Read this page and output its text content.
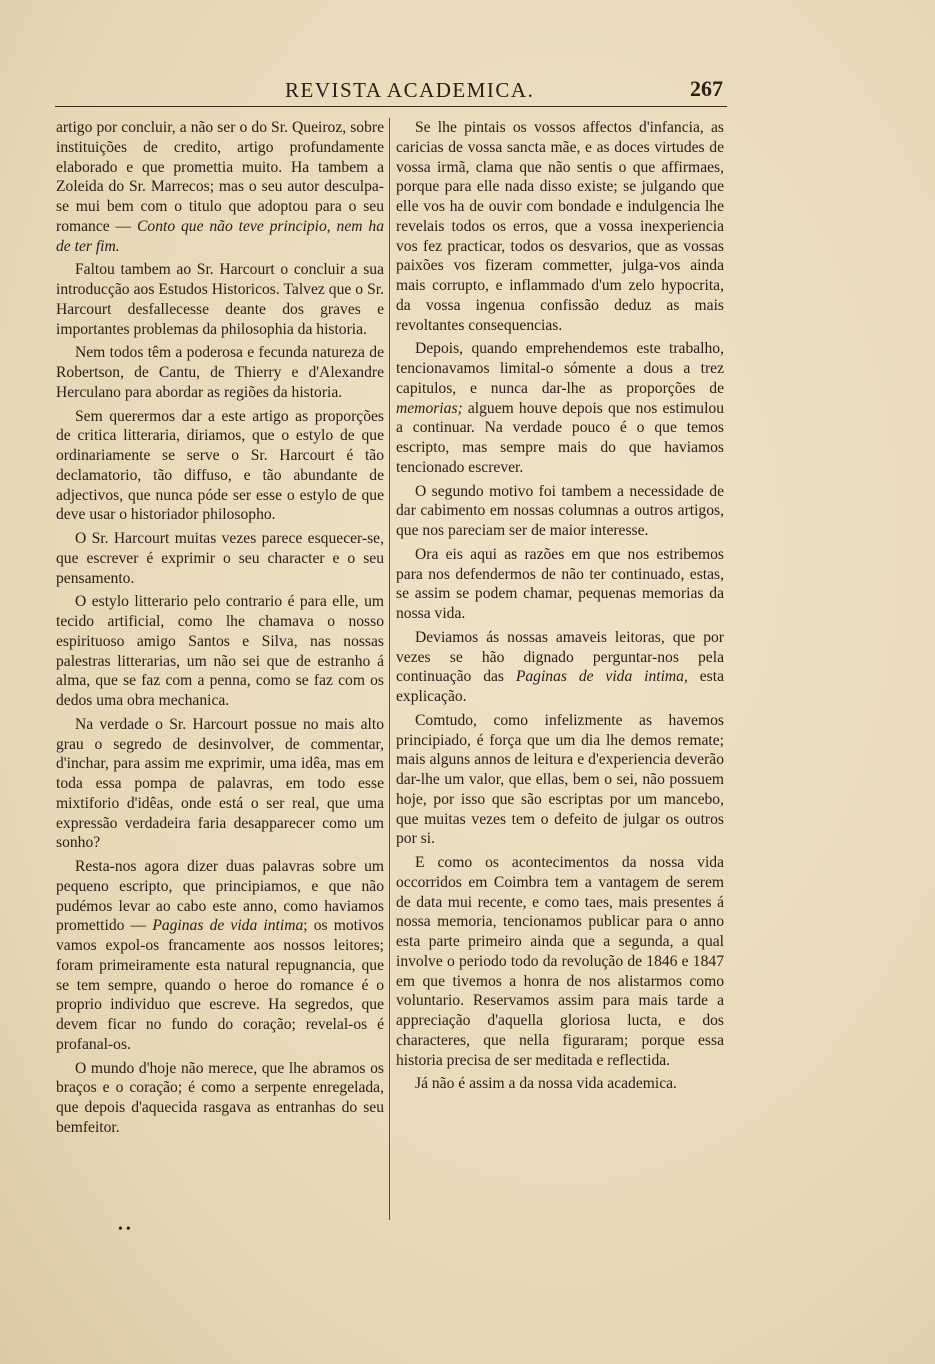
REVISTA ACADEMICA.	267

artigo por concluir, a não ser o do Sr. Queiroz, sobre instituições de credito, artigo profundamente elaborado e que promettia muito. Ha tambem a Zoleida do Sr. Marrecos; mas o seu autor desculpa-se mui bem com o titulo que adoptou para o seu romance — Conto que não teve principio, nem ha de ter fim.

Faltou tambem ao Sr. Harcourt o concluir a sua introducção aos Estudos Historicos. Talvez que o Sr. Harcourt desfallecesse deante dos graves e importantes problemas da philosophia da historia.

Nem todos têm a poderosa e fecunda natureza de Robertson, de Cantu, de Thierry e d'Alexandre Herculano para abordar as regiões da historia.

Sem querermos dar a este artigo as proporções de critica litteraria, diriamos, que o estylo de que ordinariamente se serve o Sr. Harcourt é tão declamatorio, tão diffuso, e tão abundante de adjectivos, que nunca póde ser esse o estylo de que deve usar o historiador philosopho.

O Sr. Harcourt muitas vezes parece esquecer-se, que escrever é exprimir o seu character e o seu pensamento.

O estylo litterario pelo contrario é para elle, um tecido artificial, como lhe chamava o nosso espirituoso amigo Santos e Silva, nas nossas palestras litterarias, um não sei que de estranho á alma, que se faz com a penna, como se faz com os dedos uma obra mechanica.

Na verdade o Sr. Harcourt possue no mais alto grau o segredo de desinvolver, de commentar, d'inchar, para assim me exprimir, uma idêa, mas em toda essa pompa de palavras, em todo esse mixtiforio d'idêas, onde está o ser real, que uma expressão verdadeira faria desapparecer como um sonho?

Resta-nos agora dizer duas palavras sobre um pequeno escripto, que principiamos, e que não pudémos levar ao cabo este anno, como haviamos promettido — Paginas de vida intima; os motivos vamos expol-os francamente aos nossos leitores; foram primeiramente esta natural repugnancia, que se tem sempre, quando o heroe do romance é o proprio individuo que escreve. Ha segredos, que devem ficar no fundo do coração; revelal-os é profanal-os.

O mundo d'hoje não merece, que lhe abramos os braços e o coração; é como a serpente enregelada, que depois d'aquecida rasgava as entranhas do seu bemfeitor.

Se lhe pintais os vossos affectos d'infancia, as caricias de vossa sancta mãe, e as doces virtudes de vossa irmã, clama que não sentis o que affirmaes, porque para elle nada disso existe; se julgando que elle vos ha de ouvir com bondade e indulgencia lhe revelais todos os erros, que a vossa inexperiencia vos fez practicar, todos os desvarios, que as vossas paixões vos fizeram commetter, julga-vos ainda mais corrupto, e inflammado d'um zelo hypocrita, da vossa ingenua confissão deduz as mais revoltantes consequencias.

Depois, quando emprehendemos este trabalho, tencionavamos limital-o sómente a dous a trez capitulos, e nunca dar-lhe as proporções de memorias; alguem houve depois que nos estimulou a continuar. Na verdade pouco é o que temos escripto, mas sempre mais do que haviamos tencionado escrever.

O segundo motivo foi tambem a necessidade de dar cabimento em nossas columnas a outros artigos, que nos pareciam ser de maior interesse.

Ora eis aqui as razões em que nos estribemos para nos defendermos de não ter continuado, estas, se assim se podem chamar, pequenas memorias da nossa vida.

Deviamos ás nossas amaveis leitoras, que por vezes se hão dignado perguntar-nos pela continuação das Paginas de vida intima, esta explicação.

Comtudo, como infelizmente as havemos principiado, é força que um dia lhe demos remate; mais alguns annos de leitura e d'experiencia deverão dar-lhe um valor, que ellas, bem o sei, não possuem hoje, por isso que são escriptas por um mancebo, que muitas vezes tem o defeito de julgar os outros por si.

E como os acontecimentos da nossa vida occorridos em Coimbra tem a vantagem de serem de data mui recente, e como taes, mais presentes á nossa memoria, tencionamos publicar para o anno esta parte primeiro ainda que a segunda, a qual involve o periodo todo da revolução de 1846 e 1847 em que tivemos a honra de nos alistarmos como voluntario. Reservamos assim para mais tarde a appreciação d'aquella gloriosa lucta, e dos characteres, que nella figuraram; porque essa historia precisa de ser meditada e reflectida.

Já não é assim a da nossa vida academica.

••
